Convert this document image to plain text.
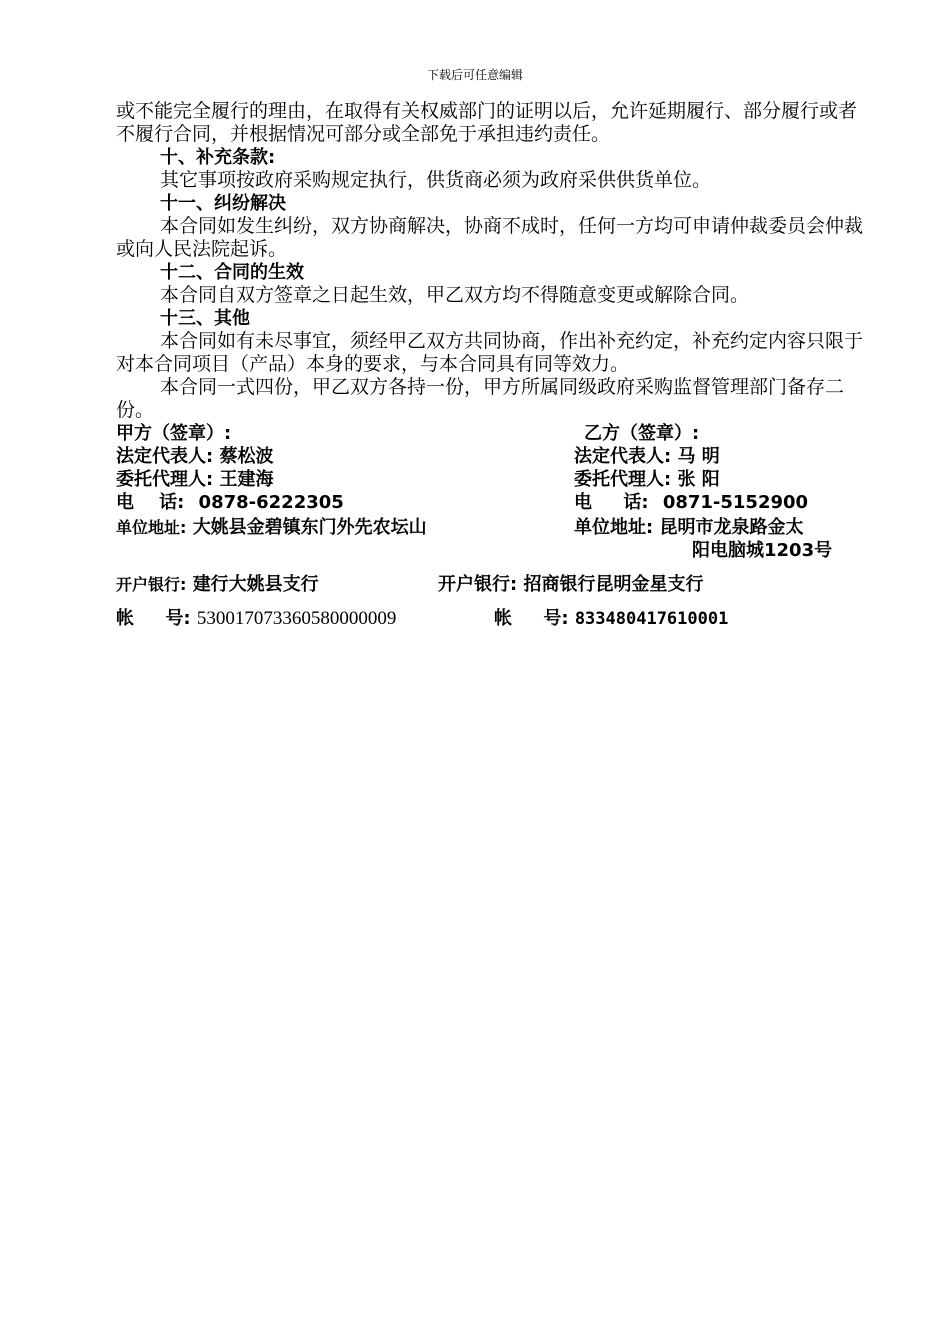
下载后可任意编辑

或不能完全履行的理由，在取得有关权威部门的证明以后，允许延期履行、部分履行或者不履行合同，并根据情况可部分或全部免于承担违约责任。

十、补充条款:

其它事项按政府采购规定执行，供货商必须为政府采供供货单位。

十一、纠纷解决

本合同如发生纠纷，双方协商解决，协商不成时，任何一方均可申请仲裁委员会仲裁或向人民法院起诉。

十二、合同的生效

本合同自双方签章之日起生效，甲乙双方均不得随意变更或解除合同。

十三、其他

本合同如有未尽事宜，须经甲乙双方共同协商，作出补充约定，补充约定内容只限于对本合同项目（产品）本身的要求，与本合同具有同等效力。

本合同一式四份，甲乙双方各持一份，甲方所属同级政府采购监督管理部门备存二份。

甲方（签章）:	乙方（签章）:
法定代表人: 蔡松波	法定代表人: 马 明
委托代理人: 王建海	委托代理人: 张 阳
电    话: 0878-6222305	电     话: 0871-5152900
单位地址: 大姚县金碧镇东门外先农坛山	单位地址: 昆明市龙泉路金太
阳电脑城1203号
开户银行: 建行大姚县支行	开户银行: 招商银行昆明金星支行
帐     号: 530017073360580000009	帐     号: 833480417610001
